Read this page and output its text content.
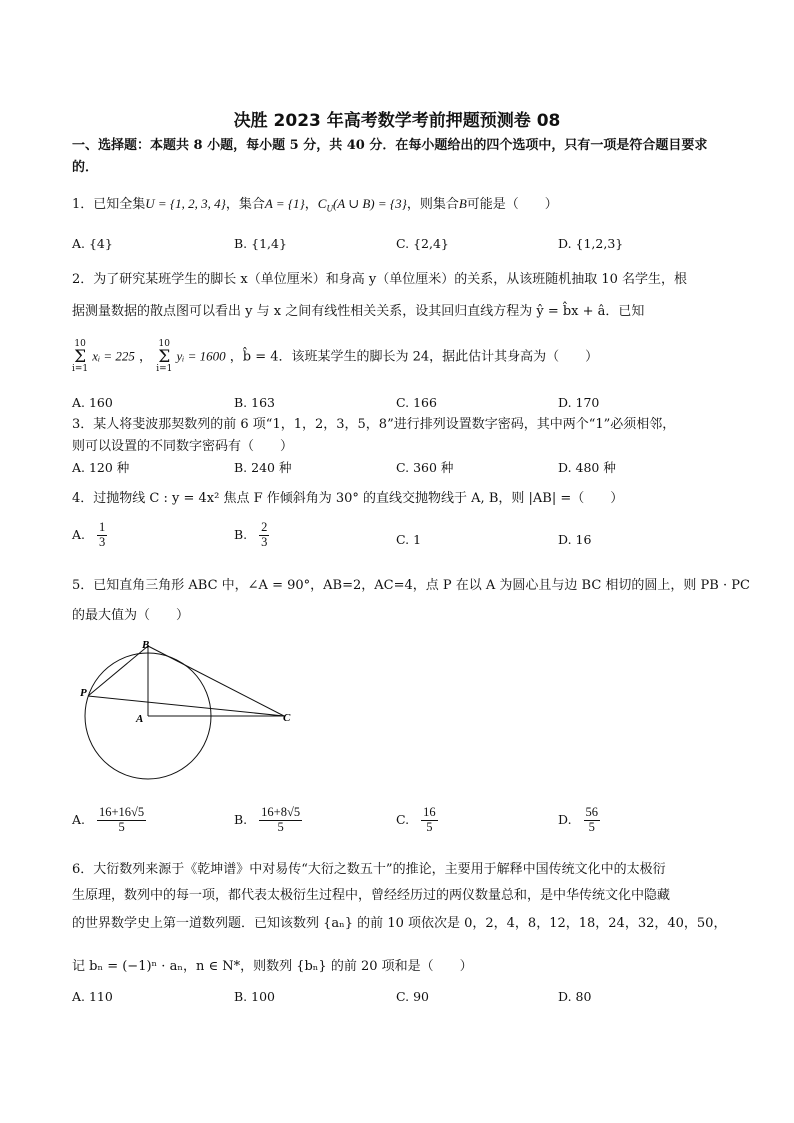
决胜 2023 年高考数学考前押题预测卷 08
一、选择题：本题共 8 小题，每小题 5 分，共 40 分．在每小题给出的四个选项中，只有一项是符合题目要求的．
1．已知全集U = {1, 2, 3, 4}，集合A = {1}，$C_U(A$ ∪ B) = {3}，则集合B可能是（　　）
A. {4}	B. {1,4}	C. {2,4}	D. {1,2,3}
2．为了研究某班学生的脚长 x（单位厘米）和身高 y（单位厘米）的关系，从该班随机抽取 10 名学生，根
据测量数据的散点图可以看出 y 与 x 之间有线性相关关系，设其回归直线方程为 ŷ = b̂x + â．已知
10
Σ
i=1 xᵢ = 225 ， 10
Σ
i=1 yᵢ = 1600 ，b̂ = 4．该班某学生的脚长为 24，据此估计其身高为（　　）
A. 160	B. 163	C. 166	D. 170
3．某人将斐波那契数列的前 6 项“1，1，2，3，5，8”进行排列设置数字密码，其中两个“1”必须相邻，
则可以设置的不同数字密码有（　　）
A. 120 种	B. 240 种	C. 360 种	D. 480 种
4．过抛物线 C : y = 4x² 焦点 F 作倾斜角为 30° 的直线交抛物线于 A, B，则 |AB| =（　　）
A. $\frac{1}{3}$	B. $\frac{2}{3}$	C. 1	D. 16
5．已知直角三角形 ABC 中，∠A = 90°，AB=2，AC=4，点 P 在以 A 为圆心且与边 BC 相切的圆上，则 PB · PC
的最大值为（　　）
B
P
A	C
A. $\frac{16+16√5}{5}$	B. $\frac{16+8√5}{5}$	C. $\frac{16}{5}$	D. $\frac{56}{5}$
6．大衍数列来源于《乾坤谱》中对易传“大衍之数五十”的推论，主要用于解释中国传统文化中的太极衍
生原理，数列中的每一项，都代表太极衍生过程中，曾经经历过的两仪数量总和，是中华传统文化中隐藏
的世界数学史上第一道数列题．已知该数列 {aₙ} 的前 10 项依次是 0，2，4，8，12，18，24，32，40，50，
记 bₙ = (−1)ⁿ · aₙ，n ∈ N*，则数列 {bₙ} 的前 20 项和是（　　）
A. 110	B. 100	C. 90	D. 80
